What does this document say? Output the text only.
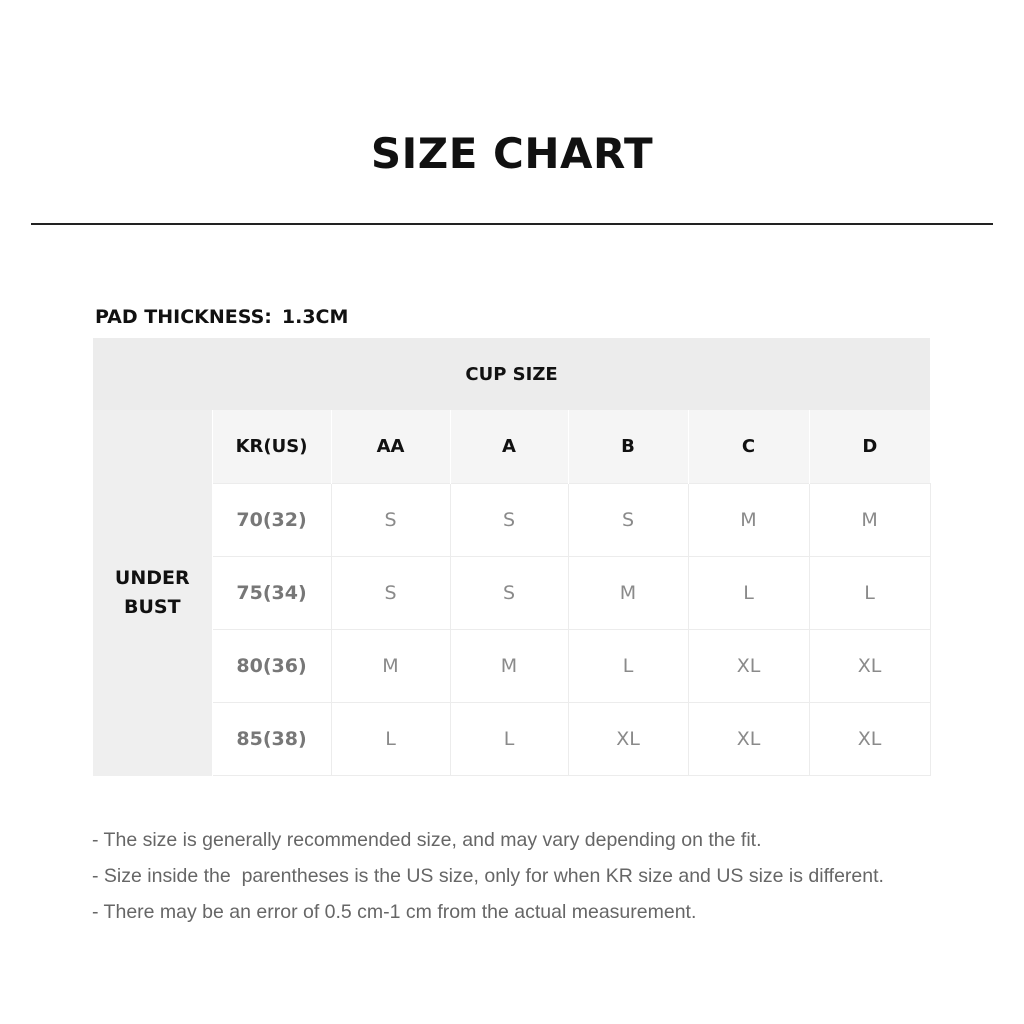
SIZE CHART
PAD THICKNESS: 1.3CM
CUP SIZE						
UNDER
BUST	KR(US)	AA	A	B	C	D
	70(32)	S	S	S	M	M
	75(34)	S	S	M	L	L
	80(36)	M	M	L	XL	XL
	85(38)	L	L	XL	XL	XL
- The size is generally recommended size, and may vary depending on the fit.
- Size inside the  parentheses is the US size, only for when KR size and US size is different.
- There may be an error of 0.5 cm-1 cm from the actual measurement.
